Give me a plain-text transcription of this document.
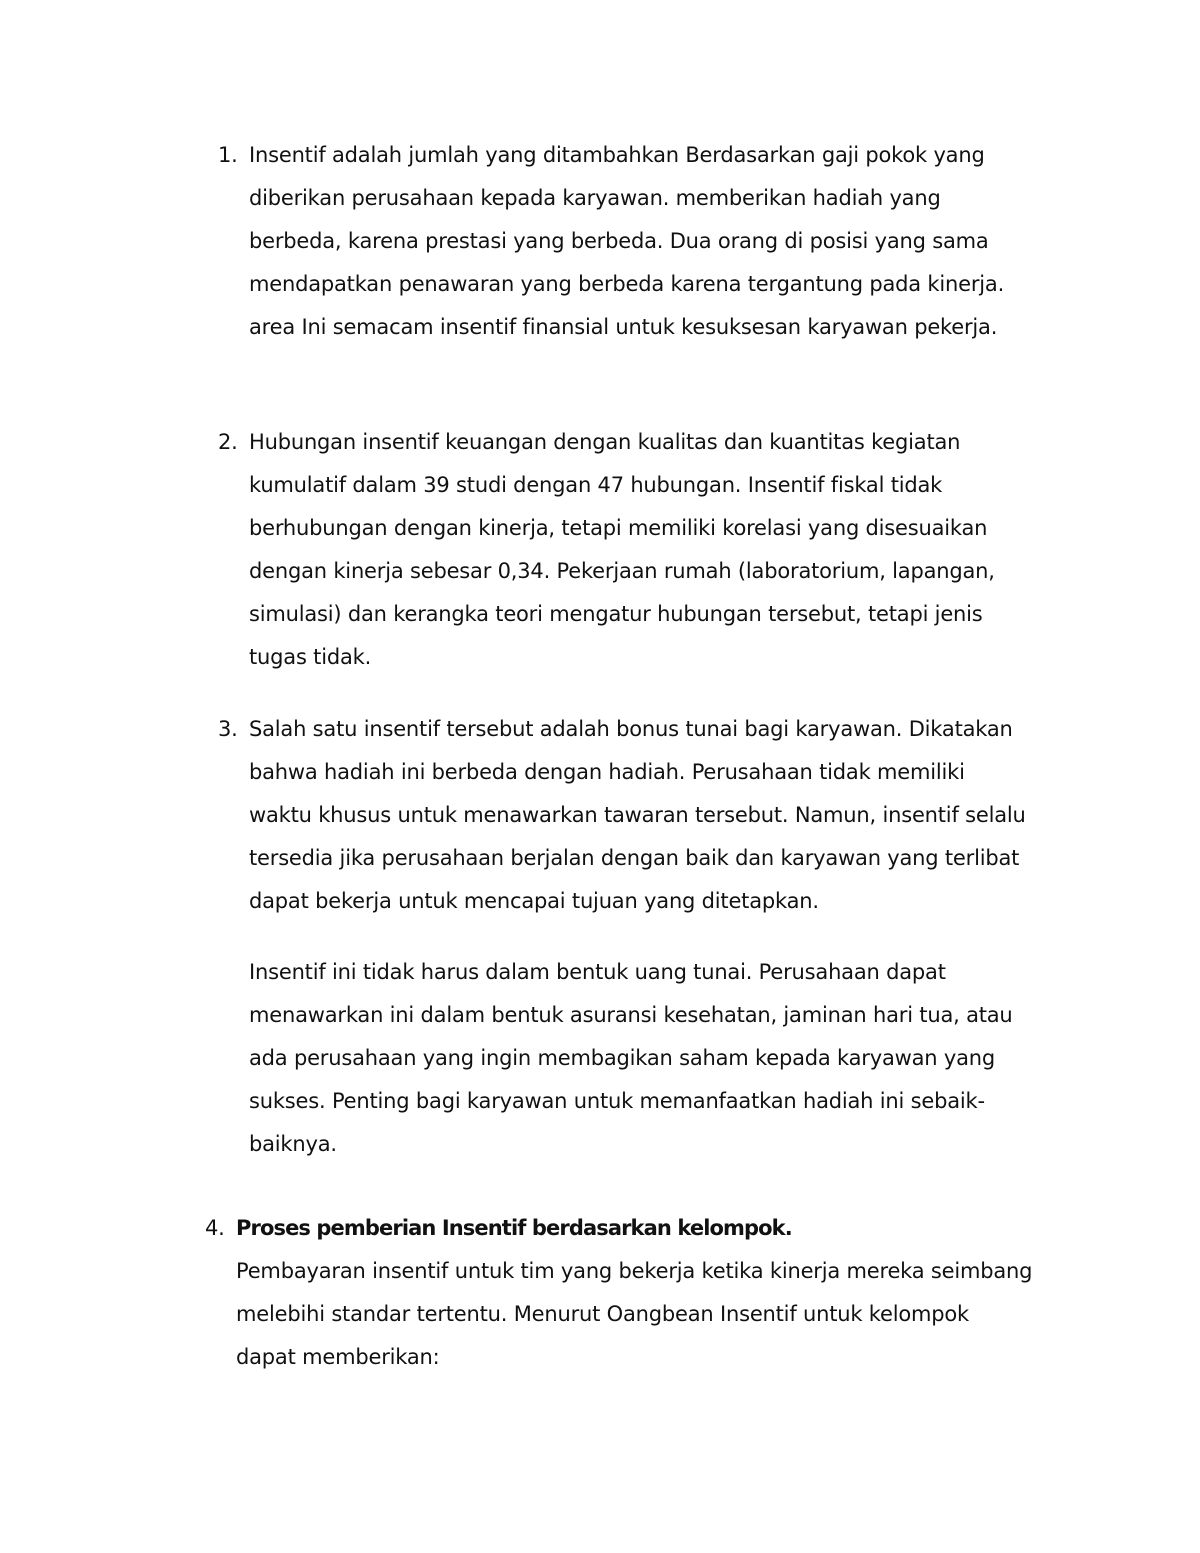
1. Insentif adalah jumlah yang ditambahkan Berdasarkan gaji pokok yang
diberikan perusahaan kepada karyawan. memberikan hadiah yang
berbeda, karena prestasi yang berbeda. Dua orang di posisi yang sama
mendapatkan penawaran yang berbeda karena tergantung pada kinerja.
area Ini semacam insentif finansial untuk kesuksesan karyawan pekerja.
2. Hubungan insentif keuangan dengan kualitas dan kuantitas kegiatan
kumulatif dalam 39 studi dengan 47 hubungan. Insentif fiskal tidak
berhubungan dengan kinerja, tetapi memiliki korelasi yang disesuaikan
dengan kinerja sebesar 0,34. Pekerjaan rumah (laboratorium, lapangan,
simulasi) dan kerangka teori mengatur hubungan tersebut, tetapi jenis
tugas tidak.
3. Salah satu insentif tersebut adalah bonus tunai bagi karyawan. Dikatakan
bahwa hadiah ini berbeda dengan hadiah. Perusahaan tidak memiliki
waktu khusus untuk menawarkan tawaran tersebut. Namun, insentif selalu
tersedia jika perusahaan berjalan dengan baik dan karyawan yang terlibat
dapat bekerja untuk mencapai tujuan yang ditetapkan.
Insentif ini tidak harus dalam bentuk uang tunai. Perusahaan dapat
menawarkan ini dalam bentuk asuransi kesehatan, jaminan hari tua, atau
ada perusahaan yang ingin membagikan saham kepada karyawan yang
sukses. Penting bagi karyawan untuk memanfaatkan hadiah ini sebaik-
baiknya.
4. Proses pemberian Insentif berdasarkan kelompok.
Pembayaran insentif untuk tim yang bekerja ketika kinerja mereka seimbang
melebihi standar tertentu. Menurut Oangbean Insentif untuk kelompok
dapat memberikan:
